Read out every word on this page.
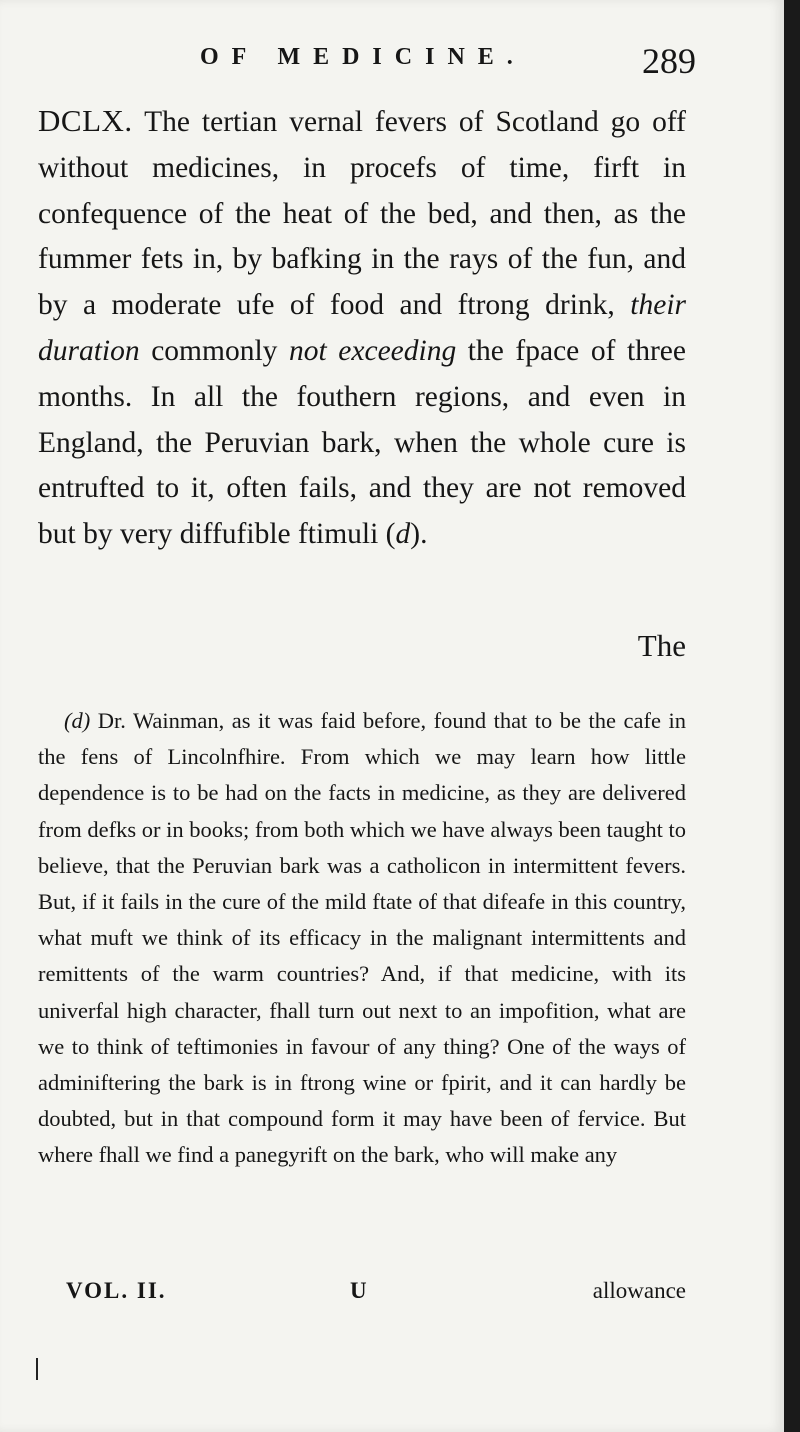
OF MEDICINE.	289

DCLX. The tertian vernal fevers of Scotland go off without medicines, in procefs of time, firft in confequence of the heat of the bed, and then, as the fummer fets in, by bafking in the rays of the fun, and by a moderate ufe of food and ftrong drink, their duration commonly not exceeding the fpace of three months. In all the fouthern regions, and even in England, the Peruvian bark, when the whole cure is entrufted to it, often fails, and they are not removed but by very diffufible ftimuli (d).

The

(d) Dr. Wainman, as it was faid before, found that to be the cafe in the fens of Lincolnfhire. From which we may learn how little dependence is to be had on the facts in medicine, as they are delivered from defks or in books; from both which we have always been taught to believe, that the Peruvian bark was a catholicon in intermittent fevers. But, if it fails in the cure of the mild ftate of that difeafe in this country, what muft we think of its efficacy in the malignant intermittents and remittents of the warm countries? And, if that medicine, with its univerfal high character, fhall turn out next to an impofition, what are we to think of teftimonies in favour of any thing? One of the ways of adminiftering the bark is in ftrong wine or fpirit, and it can hardly be doubted, but in that compound form it may have been of fervice. But where fhall we find a panegyrift on the bark, who will make any

VOL. II.	U	allowance
